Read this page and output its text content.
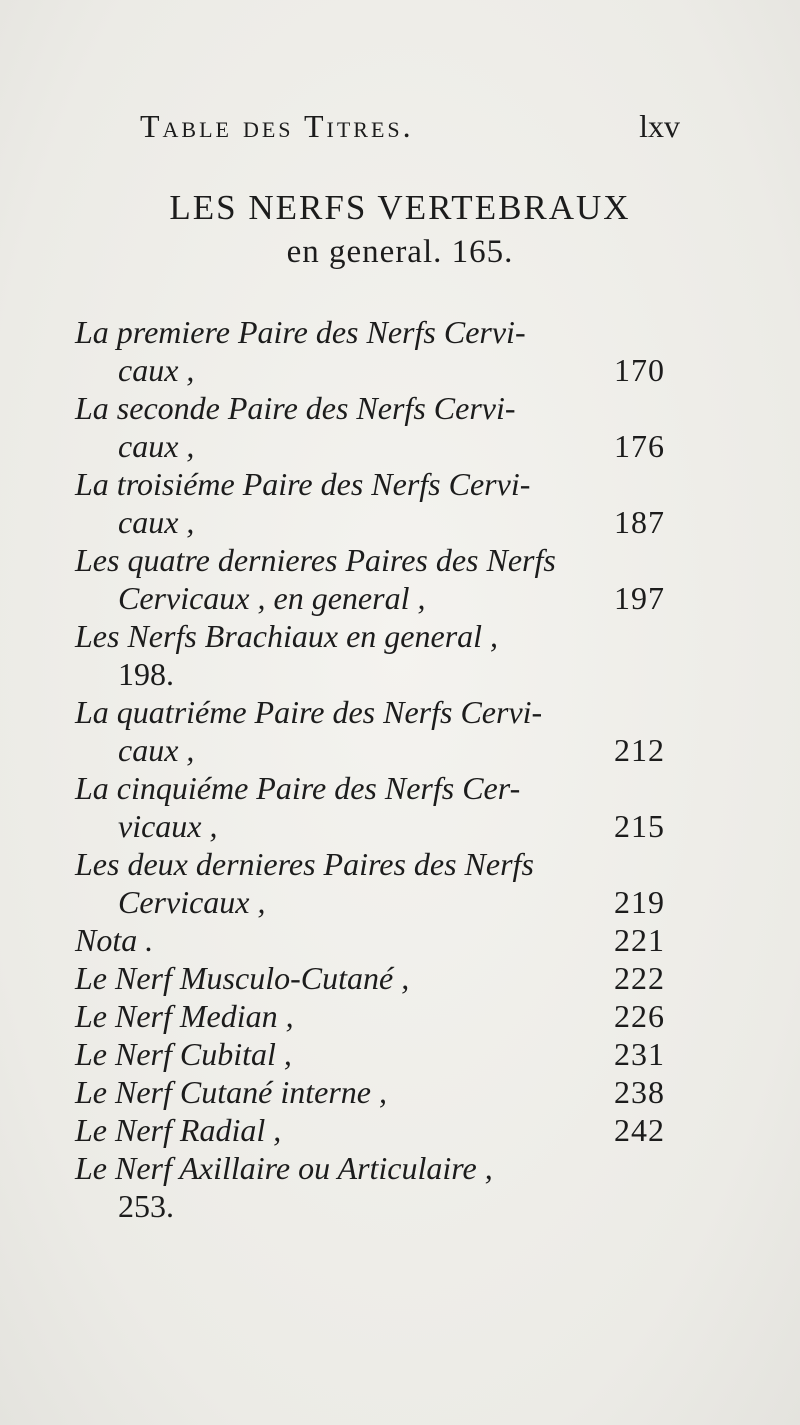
Table des Titres.	lxv
LES NERFS VERTEBRAUX
en general. 165.
La premiere Paire des Nerfs Cervi-
caux ,	170
La seconde Paire des Nerfs Cervi-
caux ,	176
La troisiéme Paire des Nerfs Cervi-
caux ,	187
Les quatre dernieres Paires des Nerfs
Cervicaux , en general ,	197
Les Nerfs Brachiaux en general ,
198.
La quatriéme Paire des Nerfs Cervi-
caux ,	212
La cinquiéme Paire des Nerfs Cer-
vicaux ,	215
Les deux dernieres Paires des Nerfs
Cervicaux ,	219
Nota .	221
Le Nerf Musculo-Cutané ,	222
Le Nerf Median ,	226
Le Nerf Cubital ,	231
Le Nerf Cutané interne ,	238
Le Nerf Radial ,	242
Le Nerf Axillaire ou Articulaire ,
253.
